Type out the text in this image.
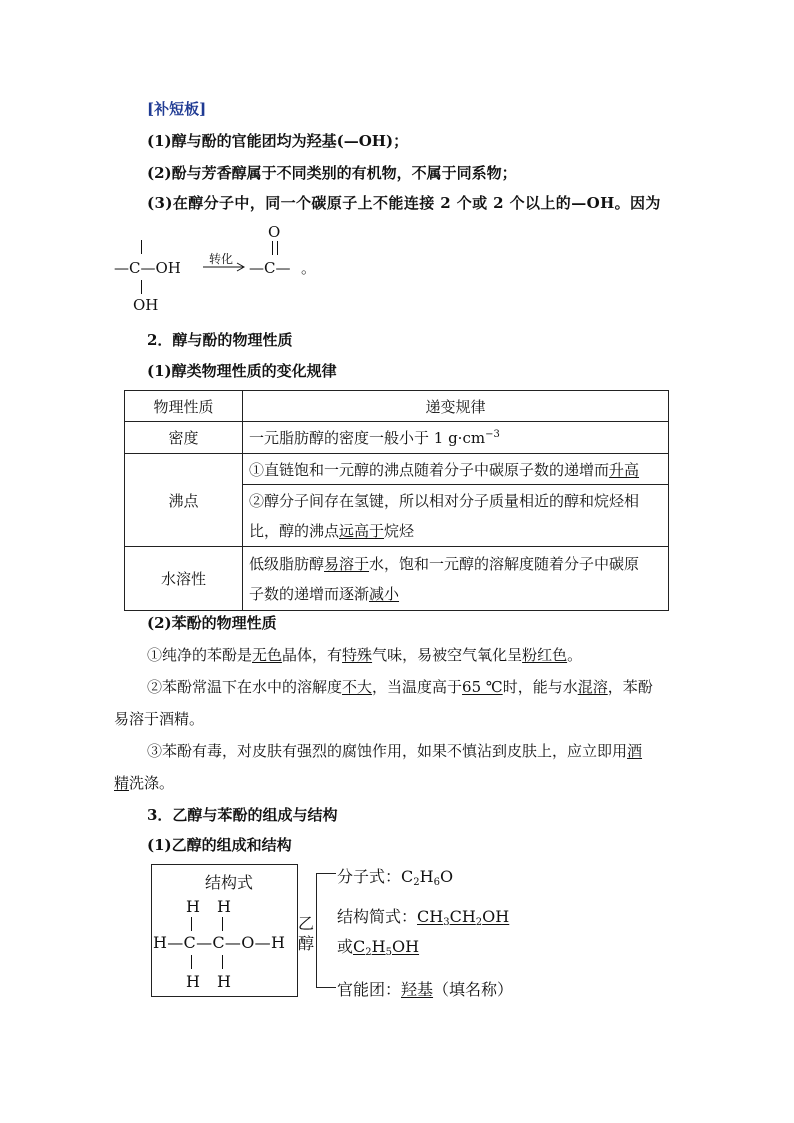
[补短板]
(1)醇与酚的官能团均为羟基(—OH)；
(2)酚与芳香醇属于不同类别的有机物，不属于同系物；
(3)在醇分子中，同一个碳原子上不能连接 2 个或 2 个以上的—OH。因为
—C—OH
OH
转化
O
—C— 。
2．醇与酚的物理性质
(1)醇类物理性质的变化规律
物理性质	递变规律
密度	一元脂肪醇的密度一般小于 1 $g\cdot cm^{-3}$
沸点	①直链饱和一元醇的沸点随着分子中碳原子数的递增而升高

	②醇分子间存在氢键，所以相对分子质量相近的醇和烷烃相
比，醇的沸点远高于烷烃

水溶性	低级脂肪醇易溶于水，饱和一元醇的溶解度随着分子中碳原
子数的递增而逐渐减小
(2)苯酚的物理性质
①纯净的苯酚是无色晶体，有特殊气味，易被空气氧化呈粉红色。
②苯酚常温下在水中的溶解度不大，当温度高于65 ℃时，能与水混溶，苯酚
易溶于酒精。
③苯酚有毒，对皮肤有强烈的腐蚀作用，如果不慎沾到皮肤上，应立即用酒
精洗涤。
3．乙醇与苯酚的组成与结构
(1)乙醇的组成和结构
结构式
H H
H—C—C—O—H
H H
乙
醇
分子式：$C_2H_6O$
结构简式：$CH_3CH_2OH$
或$C_2H_5OH$
官能团：羟基（填名称）
